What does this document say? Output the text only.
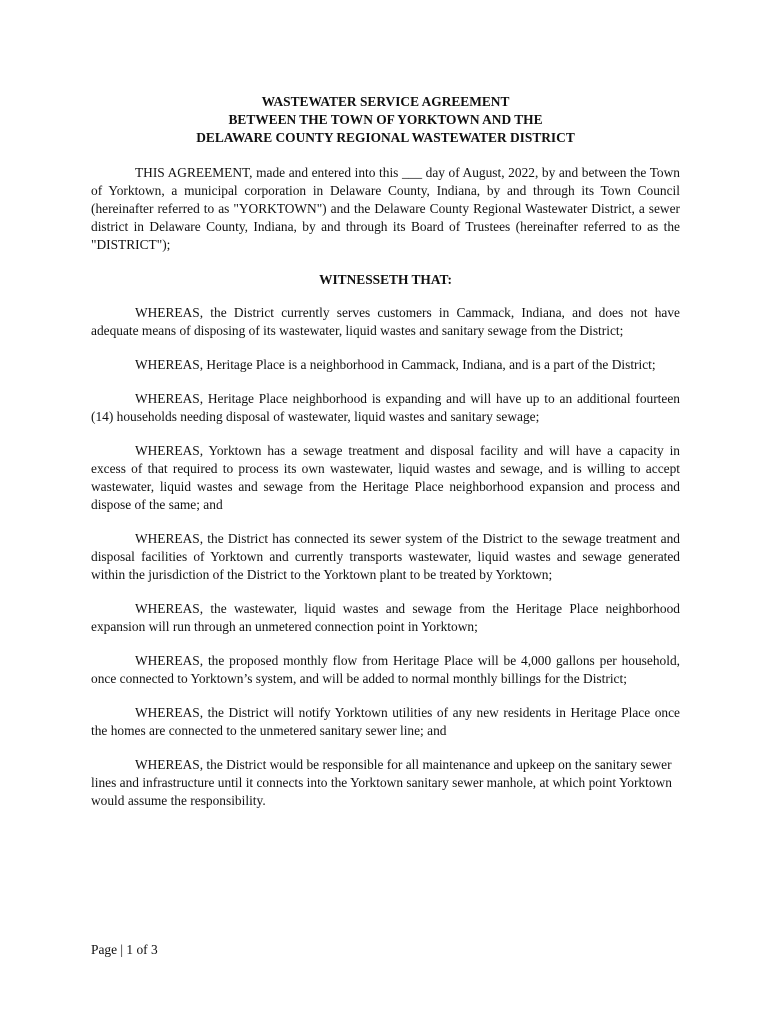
WASTEWATER SERVICE AGREEMENT
BETWEEN THE TOWN OF YORKTOWN AND THE
DELAWARE COUNTY REGIONAL WASTEWATER DISTRICT

THIS AGREEMENT, made and entered into this ___ day of August, 2022, by and between the Town of Yorktown, a municipal corporation in Delaware County, Indiana, by and through its Town Council (hereinafter referred to as "YORKTOWN") and the Delaware County Regional Wastewater District, a sewer district in Delaware County, Indiana, by and through its Board of Trustees (hereinafter referred to as the "DISTRICT");

WITNESSETH THAT:

WHEREAS, the District currently serves customers in Cammack, Indiana, and does not have adequate means of disposing of its wastewater, liquid wastes and sanitary sewage from the District;

WHEREAS, Heritage Place is a neighborhood in Cammack, Indiana, and is a part of the District;

WHEREAS, Heritage Place neighborhood is expanding and will have up to an additional fourteen (14) households needing disposal of wastewater, liquid wastes and sanitary sewage;

WHEREAS, Yorktown has a sewage treatment and disposal facility and will have a capacity in excess of that required to process its own wastewater, liquid wastes and sewage, and is willing to accept wastewater, liquid wastes and sewage from the Heritage Place neighborhood expansion and process and dispose of the same; and

WHEREAS, the District has connected its sewer system of the District to the sewage treatment and disposal facilities of Yorktown and currently transports wastewater, liquid wastes and sewage generated within the jurisdiction of the District to the Yorktown plant to be treated by Yorktown;

WHEREAS, the wastewater, liquid wastes and sewage from the Heritage Place neighborhood expansion will run through an unmetered connection point in Yorktown;

WHEREAS, the proposed monthly flow from Heritage Place will be 4,000 gallons per household, once connected to Yorktown’s system, and will be added to normal monthly billings for the District;

WHEREAS, the District will notify Yorktown utilities of any new residents in Heritage Place once the homes are connected to the unmetered sanitary sewer line; and

WHEREAS, the District would be responsible for all maintenance and upkeep on the sanitary sewer lines and infrastructure until it connects into the Yorktown sanitary sewer manhole, at which point Yorktown would assume the responsibility.

Page | 1 of 3
